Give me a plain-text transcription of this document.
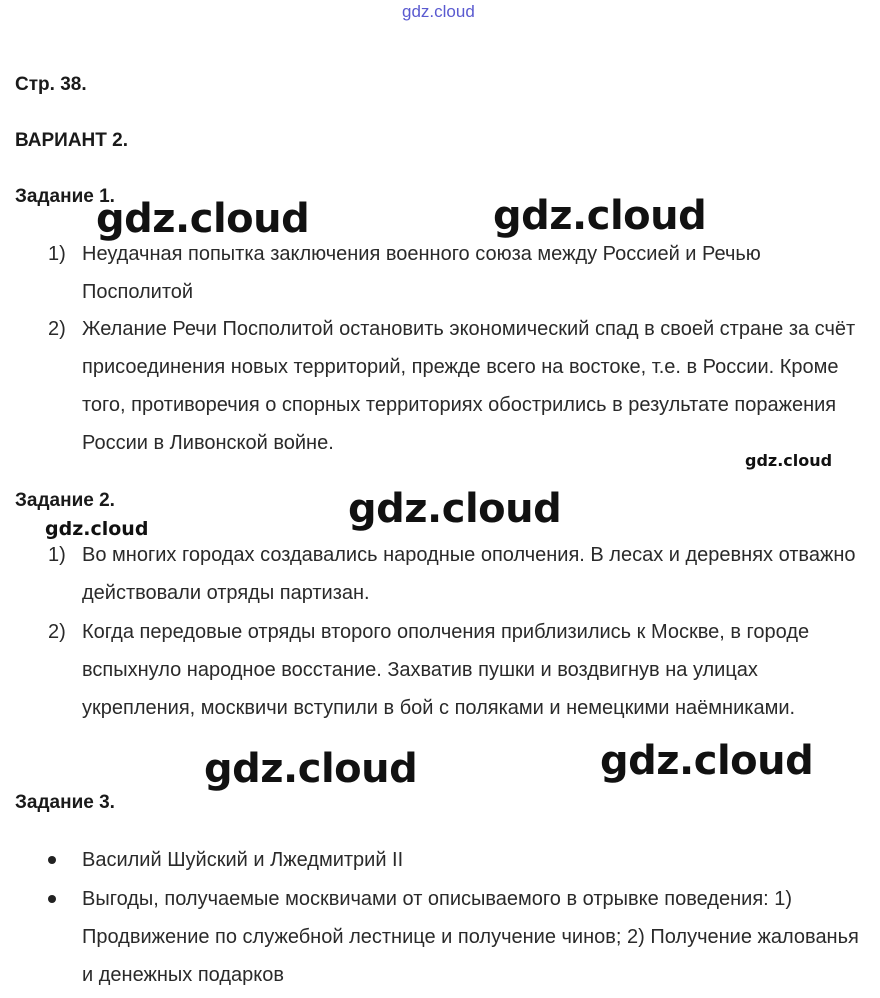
gdz.cloud
Стр. 38.
ВАРИАНТ 2.
Задание 1.
1) Неудачная попытка заключения военного союза между Россией и Речью Посполитой
2) Желание Речи Посполитой остановить экономический спад в своей стране за счёт присоединения новых территорий, прежде всего на востоке, т.е. в России. Кроме того, противоречия о спорных территориях обострились в результате поражения России в Ливонской войне.
Задание 2.
1) Во многих городах создавались народные ополчения. В лесах и деревнях отважно действовали отряды партизан.
2) Когда передовые отряды второго ополчения приблизились к Москве, в городе вспыхнуло народное восстание. Захватив пушки и воздвигнув на улицах укрепления, москвичи вступили в бой с поляками и немецкими наёмниками.
Задание 3.
Василий Шуйский и Лжедмитрий II
Выгоды, получаемые москвичами от описываемого в отрывке поведения: 1) Продвижение по служебной лестнице и получение чинов; 2) Получение жалованья и денежных подарков
gdz.cloud	gdz.cloud
gdz.cloud
gdz.cloud
gdz.cloud
gdz.cloud	gdz.cloud
